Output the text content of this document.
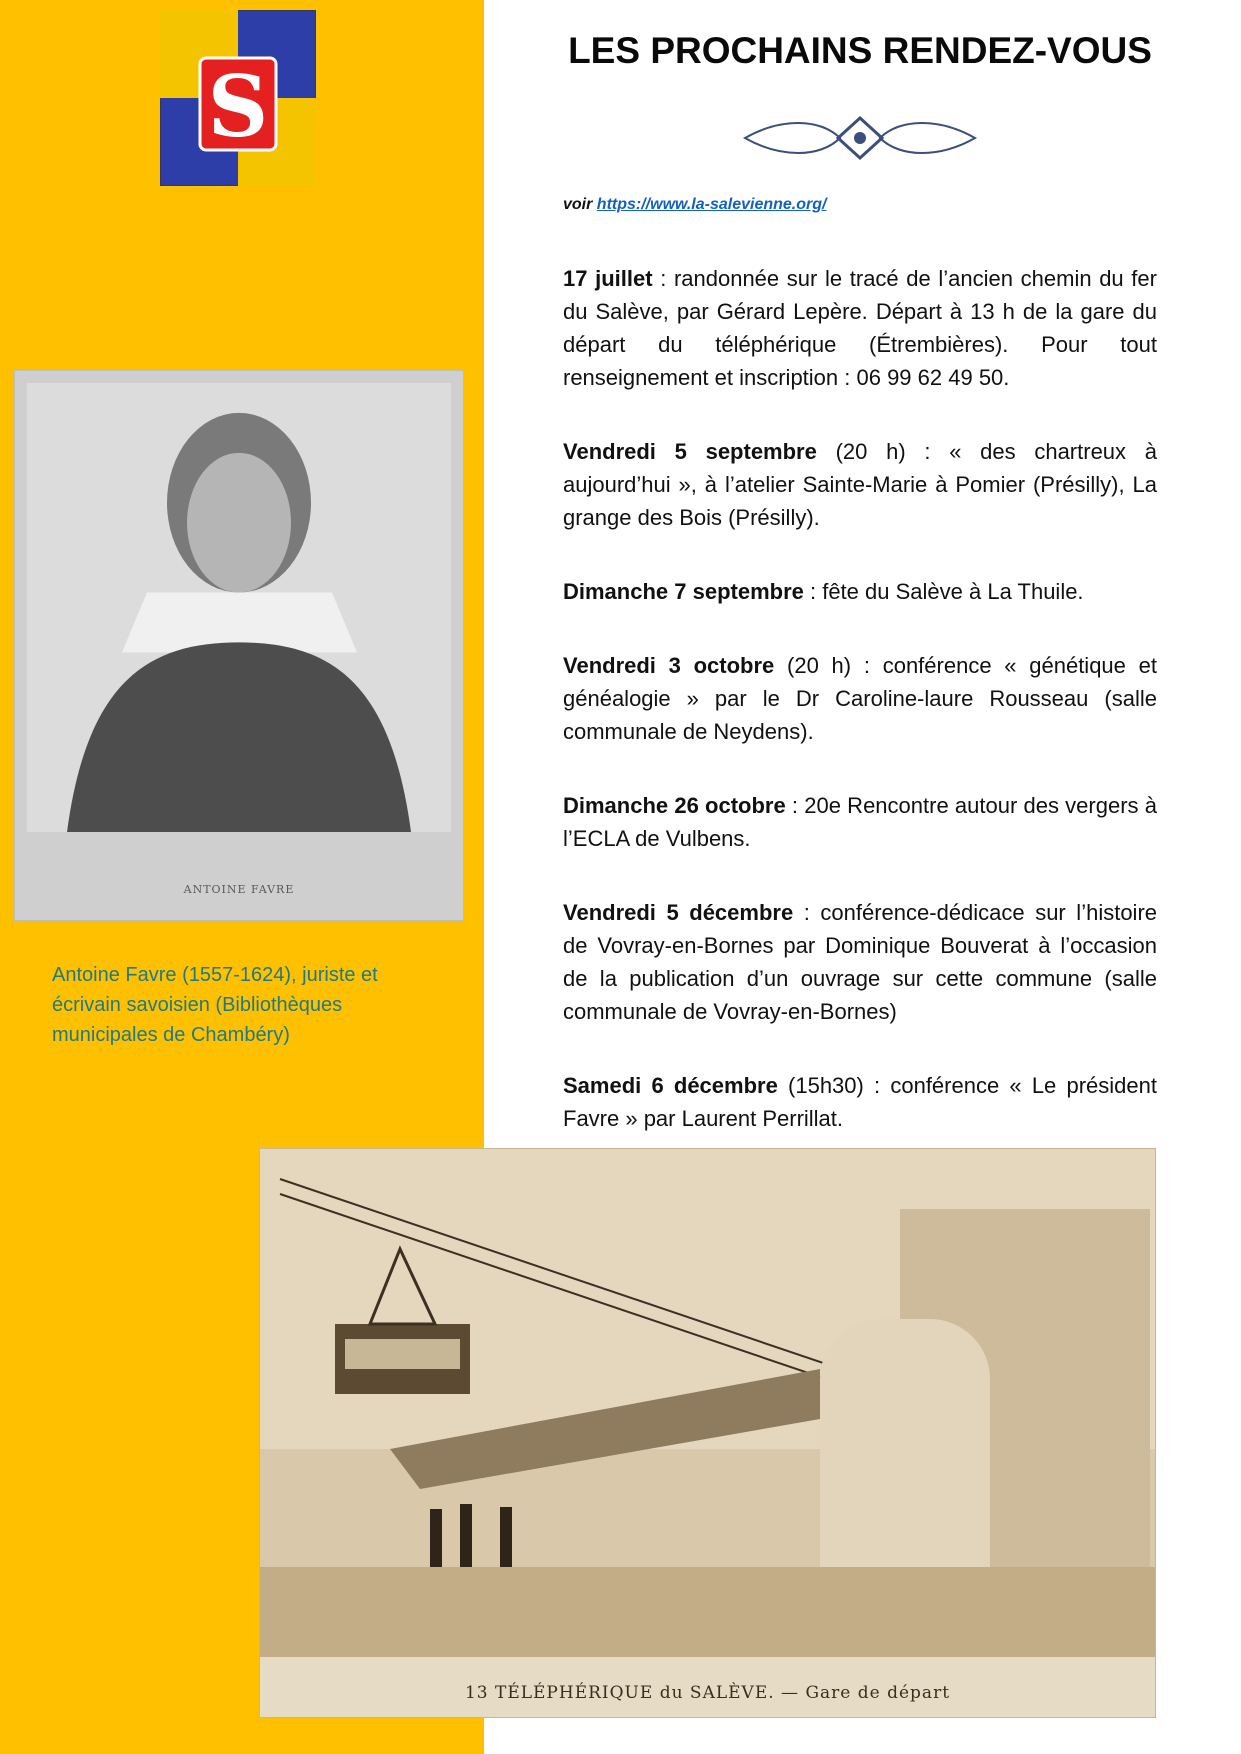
S
ANTOINE FAVRE
Antoine Favre (1557-1624), juriste et écrivain savoisien (Bibliothèques municipales de Chambéry)
LES PROCHAINS RENDEZ-VOUS
voir https://www.la-salevienne.org/

17 juillet : randonnée sur le tracé de l’ancien chemin du fer du Salève, par Gérard Lepère. Départ à 13 h de la gare du départ du téléphérique (Étrembières). Pour tout renseignement et inscription : 06 99 62 49 50.

Vendredi 5 septembre (20 h) : « des chartreux à aujourd’hui », à l’atelier Sainte-Marie à Pomier (Présilly), La grange des Bois (Présilly).

Dimanche 7 septembre : fête du Salève à La Thuile.

Vendredi 3 octobre (20 h) : conférence « génétique et généalogie » par le Dr Caroline-laure Rousseau (salle communale de Neydens).

Dimanche 26 octobre : 20e Rencontre autour des vergers à l’ECLA de Vulbens.

Vendredi 5 décembre : conférence-dédicace sur l’histoire de Vovray-en-Bornes par Dominique Bouverat à l’occasion de la publication d’un ouvrage sur cette commune (salle communale de Vovray-en-Bornes)

Samedi 6 décembre (15h30) : conférence « Le président Favre » par Laurent Perrillat.

13 TÉLÉPHÉRIQUE du SALÈVE. — Gare de départ
